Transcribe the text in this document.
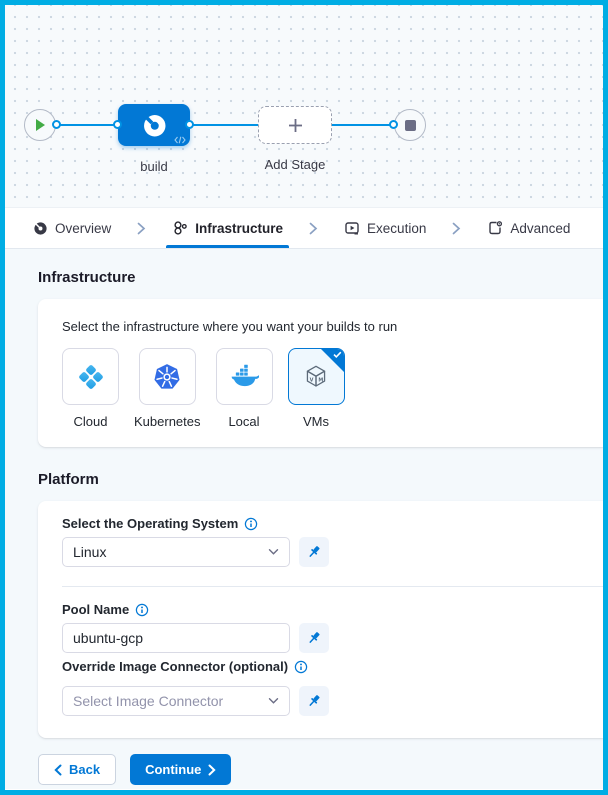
build	Add Stage
Overview	Infrastructure	Execution	Advanced
Infrastructure
Select the infrastructure where you want your builds to run
Cloud Kubernetes Local
V M
VMs
Platform
Select the Operating System
Linux
Pool Name
ubuntu-gcp
Override Image Connector (optional)
Select Image Connector
Back	Continue
